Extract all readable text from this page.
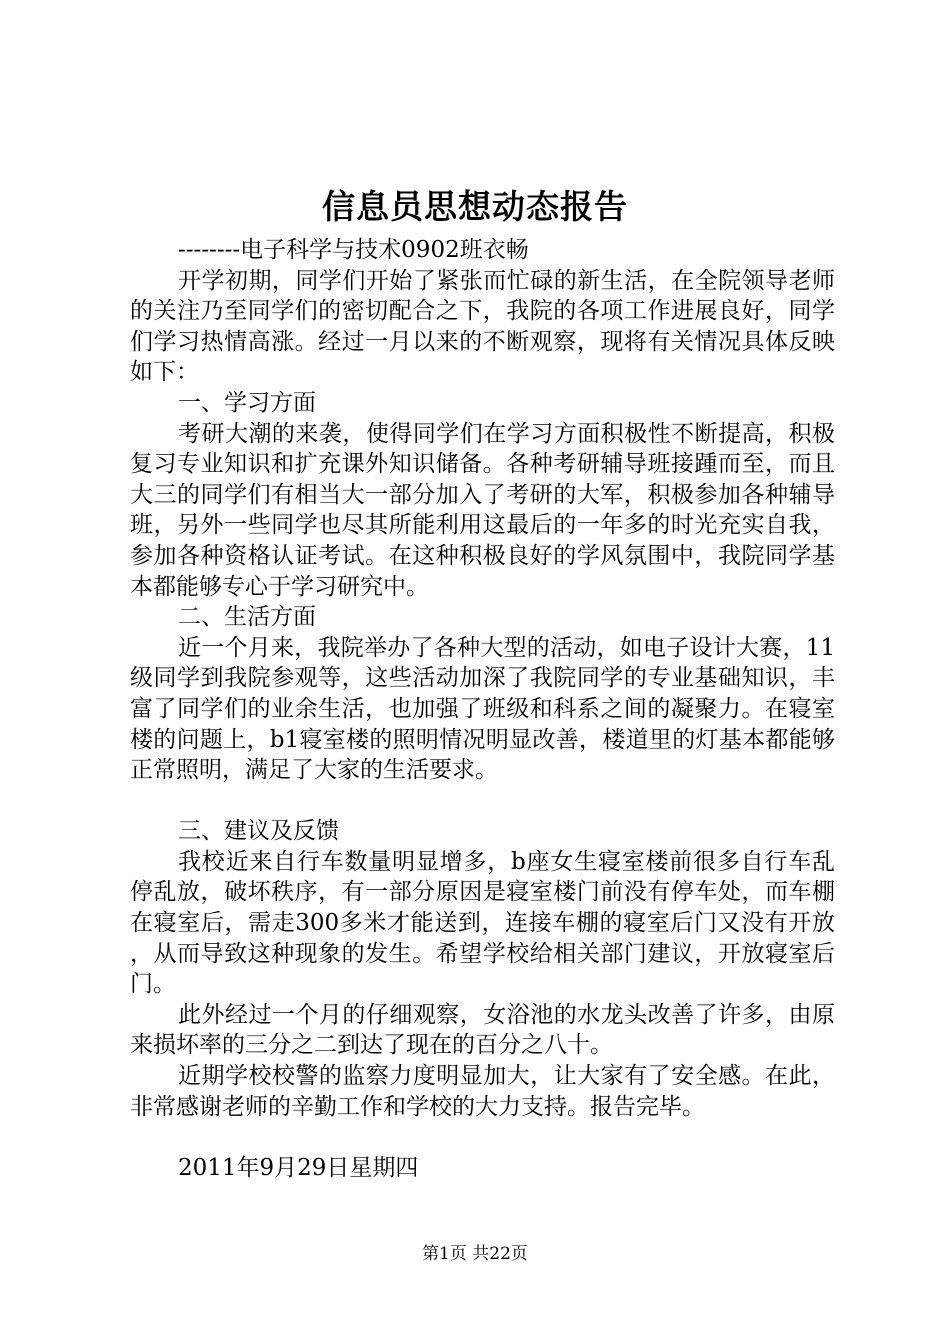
信息员思想动态报告

--------电子科学与技术0902班衣畅

开学初期，同学们开始了紧张而忙碌的新生活，在全院领导老师的关注乃至同学们的密切配合之下，我院的各项工作进展良好，同学们学习热情高涨。经过一月以来的不断观察，现将有关情况具体反映如下：

一、学习方面

考研大潮的来袭，使得同学们在学习方面积极性不断提高，积极复习专业知识和扩充课外知识储备。各种考研辅导班接踵而至，而且大三的同学们有相当大一部分加入了考研的大军，积极参加各种辅导班，另外一些同学也尽其所能利用这最后的一年多的时光充实自我，参加各种资格认证考试。在这种积极良好的学风氛围中，我院同学基本都能够专心于学习研究中。

二、生活方面

近一个月来，我院举办了各种大型的活动，如电子设计大赛，11级同学到我院参观等，这些活动加深了我院同学的专业基础知识，丰富了同学们的业余生活，也加强了班级和科系之间的凝聚力。在寝室楼的问题上，b1寝室楼的照明情况明显改善，楼道里的灯基本都能够正常照明，满足了大家的生活要求。

三、建议及反馈

我校近来自行车数量明显增多，b座女生寝室楼前很多自行车乱停乱放，破坏秩序，有一部分原因是寝室楼门前没有停车处，而车棚在寝室后，需走300多米才能送到，连接车棚的寝室后门又没有开放，从而导致这种现象的发生。希望学校给相关部门建议，开放寝室后门。

此外经过一个月的仔细观察，女浴池的水龙头改善了许多，由原来损坏率的三分之二到达了现在的百分之八十。

近期学校校警的监察力度明显加大，让大家有了安全感。在此，非常感谢老师的辛勤工作和学校的大力支持。报告完毕。

2011年9月29日星期四

第1页 共22页
